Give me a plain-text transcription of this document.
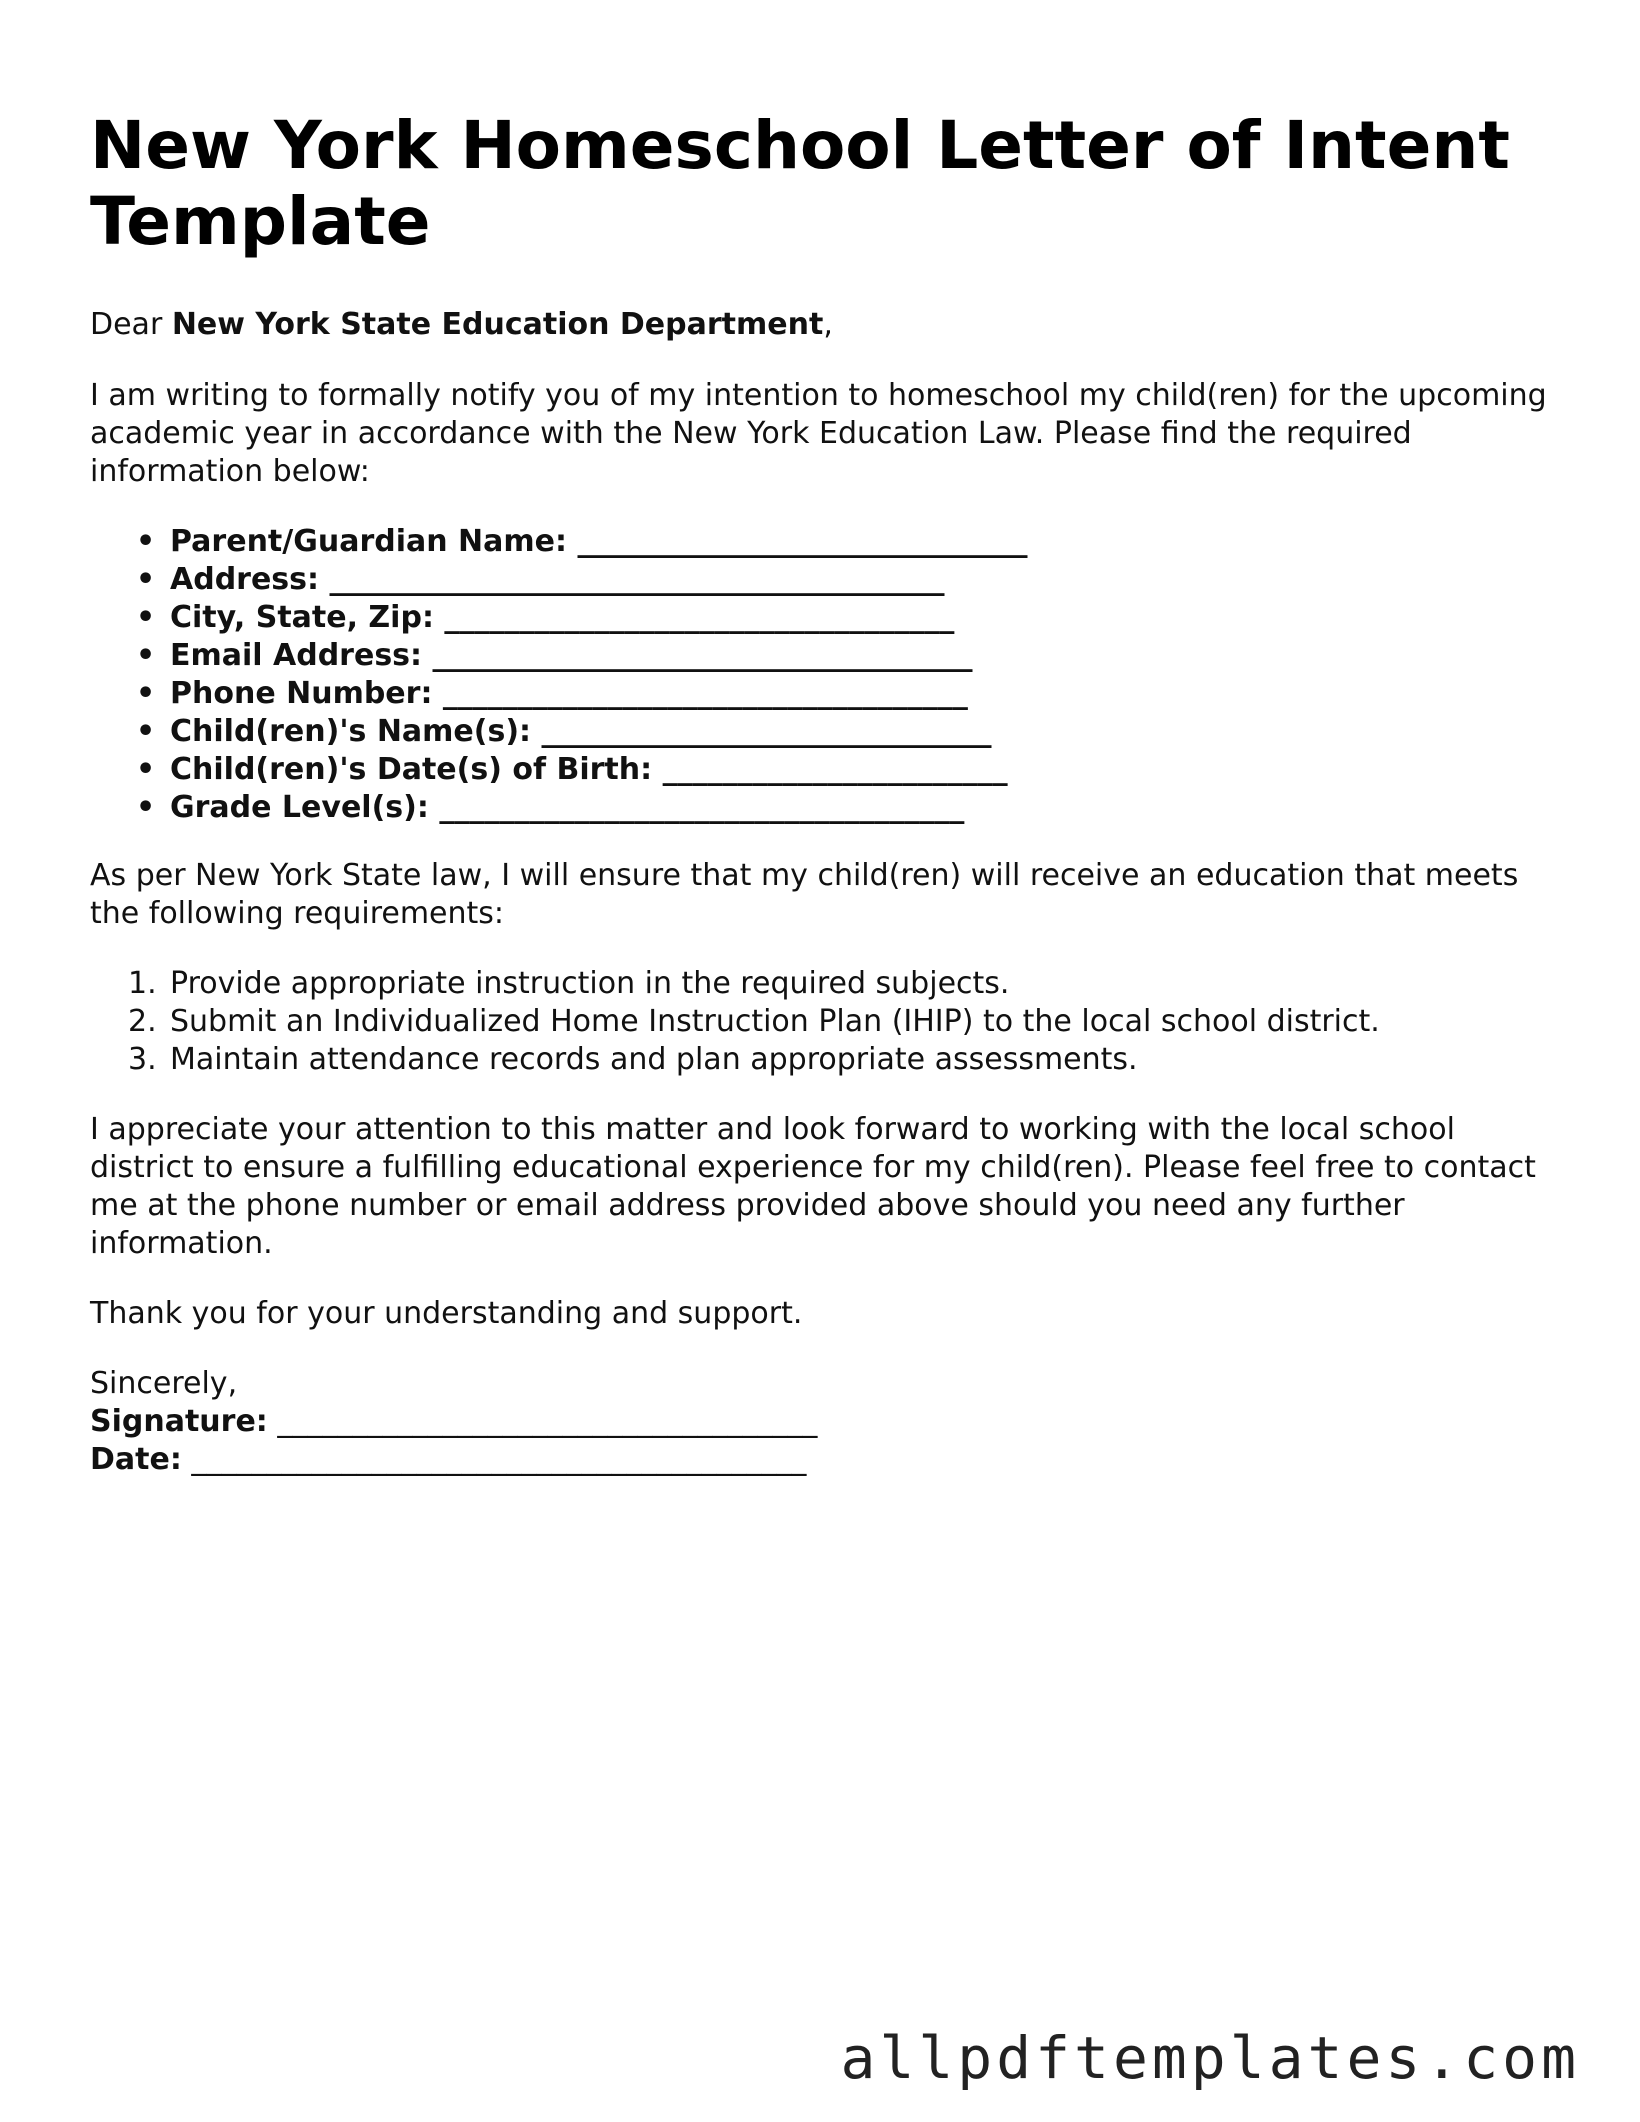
New York Homeschool Letter of Intent Template

Dear New York State Education Department,

I am writing to formally notify you of my intention to homeschool my child(ren) for the upcoming academic year in accordance with the New York Education Law. Please find the required information below:

• Parent/Guardian Name: ______________________________
• Address: _________________________________________
• City, State, Zip: __________________________________
• Email Address: ____________________________________
• Phone Number: ___________________________________
• Child(ren)'s Name(s): ______________________________
• Child(ren)'s Date(s) of Birth: _______________________
• Grade Level(s): ___________________________________

As per New York State law, I will ensure that my child(ren) will receive an education that meets the following requirements:

1. Provide appropriate instruction in the required subjects.
2. Submit an Individualized Home Instruction Plan (IHIP) to the local school district.
3. Maintain attendance records and plan appropriate assessments.

I appreciate your attention to this matter and look forward to working with the local school district to ensure a fulfilling educational experience for my child(ren). Please feel free to contact me at the phone number or email address provided above should you need any further information.

Thank you for your understanding and support.

Sincerely,
Signature: ____________________________________
Date: _________________________________________
allpdftemplates.com
